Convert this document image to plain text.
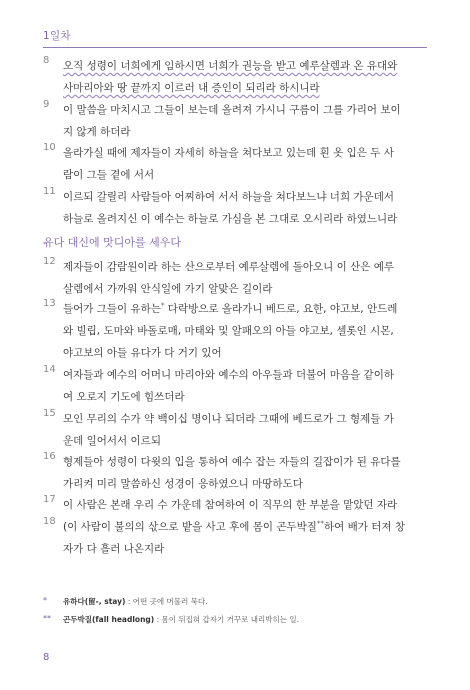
1일차
8	오직 성령이 너희에게 임하시면 너희가 권능을 받고 예루살렘과 온 유대와
사마리아와 땅 끝까지 이르러 내 증인이 되리라 하시니라
9	이 말씀을 마치시고 그들이 보는데 올려져 가시니 구름이 그를 가리어 보이
지 않게 하더라
10 올라가실 때에 제자들이 자세히 하늘을 쳐다보고 있는데 흰 옷 입은 두 사
람이 그들 곁에 서서
11 이르되 갈릴리 사람들아 어찌하여 서서 하늘을 쳐다보느냐 너희 가운데서
하늘로 올려지신 이 예수는 하늘로 가심을 본 그대로 오시리라 하였느니라
유다 대신에 맛디아를 세우다
12 제자들이 감람원이라 하는 산으로부터 예루살렘에 돌아오니 이 산은 예루
살렘에서 가까워 안식일에 가기 알맞은 길이라
13 들어가 그들이 유하는* 다락방으로 올라가니 베드로, 요한, 야고보, 안드레
와 빌립, 도마와 바돌로매, 마태와 및 알패오의 아들 야고보, 셀롯인 시몬,
야고보의 아들 유다가 다 거기 있어
14 여자들과 예수의 어머니 마리아와 예수의 아우들과 더불어 마음을 같이하
여 오로지 기도에 힘쓰더라
15 모인 무리의 수가 약 백이십 명이나 되더라 그때에 베드로가 그 형제들 가
운데 일어서서 이르되
16 형제들아 성령이 다윗의 입을 통하여 예수 잡는 자들의 길잡이가 된 유다를
가리켜 미리 말씀하신 성경이 응하였으니 마땅하도다
17 이 사람은 본래 우리 수 가운데 참여하여 이 직무의 한 부분을 맡았던 자라
18 (이 사람이 불의의 삯으로 밭을 사고 후에 몸이 곤두박질**하여 배가 터져 창
자가 다 흘러 나온지라
* 유하다(留-, stay) : 어떤 곳에 머물러 묵다.
** 곤두박질(fall headlong) : 몸이 뒤집혀 갑자기 거꾸로 내리박히는 일.
8
